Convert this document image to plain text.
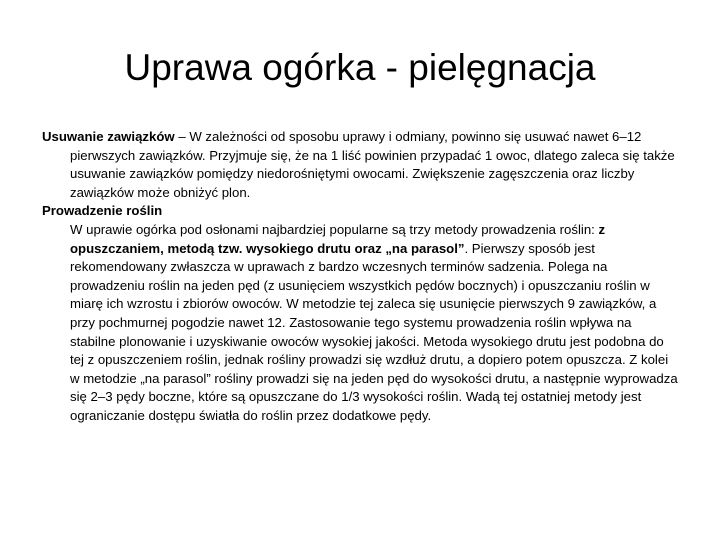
Uprawa ogórka - pielęgnacja

Usuwanie zawiązków – W zależności od sposobu uprawy i odmiany, powinno się usuwać nawet 6–12 pierwszych zawiązków. Przyjmuje się, że na 1 liść powinien przypadać 1 owoc, dlatego zaleca się także usuwanie zawiązków pomiędzy niedorośniętymi owocami. Zwiększenie zagęszczenia oraz liczby zawiązków może obniżyć plon.

Prowadzenie roślin

W uprawie ogórka pod osłonami najbardziej popularne są trzy metody prowadzenia roślin: z opuszczaniem, metodą tzw. wysokiego drutu oraz „na parasol”. Pierwszy sposób jest rekomendowany zwłaszcza w uprawach z bardzo wczesnych terminów sadzenia. Polega na prowadzeniu roślin na jeden pęd (z usunięciem wszystkich pędów bocznych) i opuszczaniu roślin w miarę ich wzrostu i zbiorów owoców. W metodzie tej zaleca się usunięcie pierwszych 9 zawiązków, a przy pochmurnej pogodzie nawet 12. Zastosowanie tego systemu prowadzenia roślin wpływa na stabilne plonowanie i uzyskiwanie owoców wysokiej jakości. Metoda wysokiego drutu jest podobna do tej z opuszczeniem roślin, jednak rośliny prowadzi się wzdłuż drutu, a dopiero potem opuszcza. Z kolei w metodzie „na parasol” rośliny prowadzi się na jeden pęd do wysokości drutu, a następnie wyprowadza się 2–3 pędy boczne, które są opuszczane do 1/3 wysokości roślin. Wadą tej ostatniej metody jest ograniczanie dostępu światła do roślin przez dodatkowe pędy.
